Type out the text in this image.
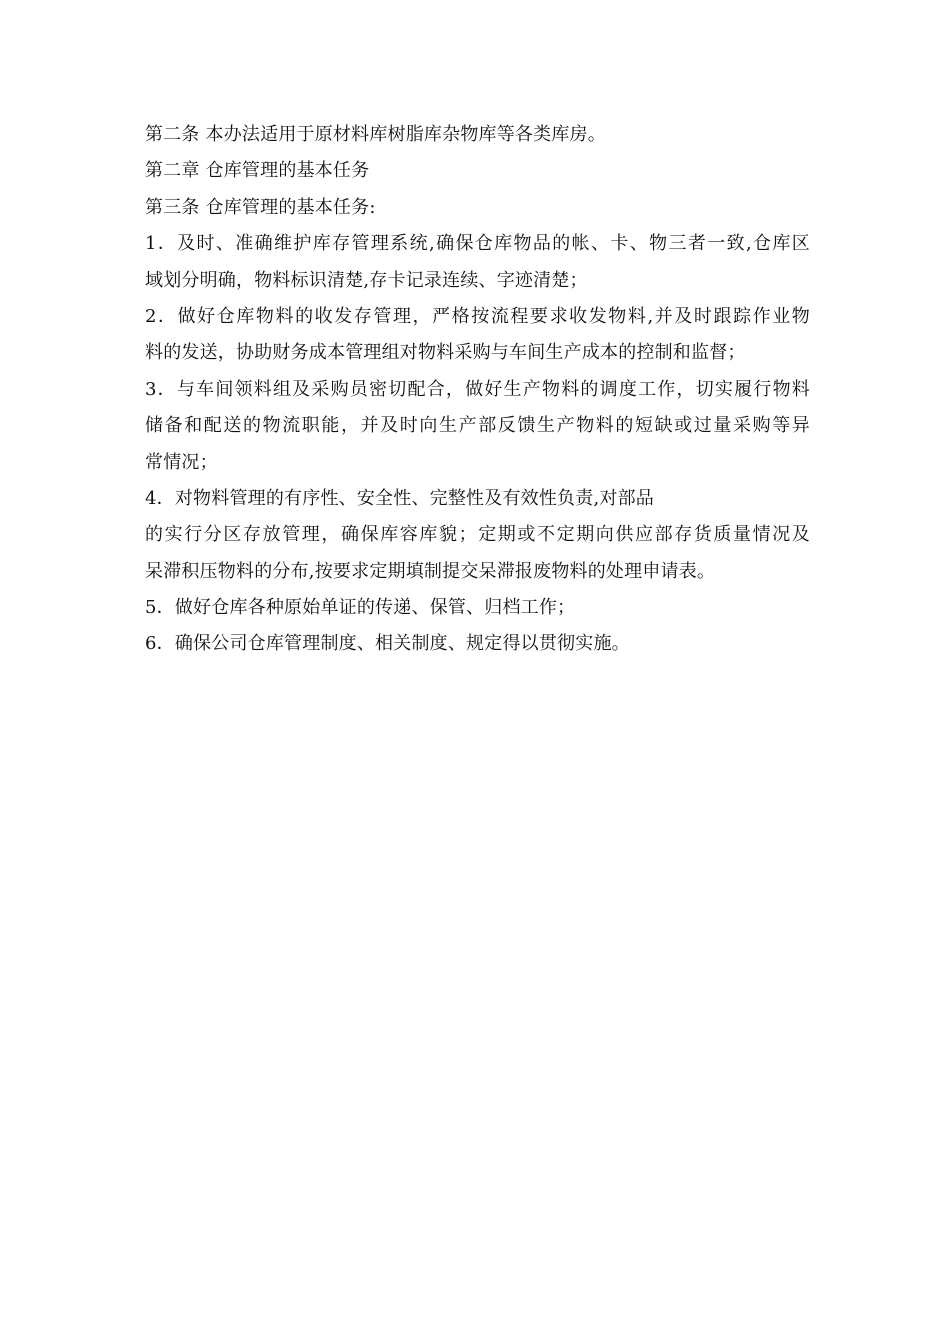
第二条 本办法适用于原材料库树脂库杂物库等各类库房。
第二章 仓库管理的基本任务
第三条 仓库管理的基本任务:
1．及时、准确维护库存管理系统,确保仓库物品的帐、卡、物三者一致,仓库区
域划分明确，物料标识清楚,存卡记录连续、字迹清楚；
2．做好仓库物料的收发存管理，严格按流程要求收发物料,并及时跟踪作业物
料的发送，协助财务成本管理组对物料采购与车间生产成本的控制和监督；
3．与车间领料组及采购员密切配合，做好生产物料的调度工作，切实履行物料
储备和配送的物流职能，并及时向生产部反馈生产物料的短缺或过量采购等异
常情况；
4．对物料管理的有序性、安全性、完整性及有效性负责,对部品
的实行分区存放管理，确保库容库貌；定期或不定期向供应部存货质量情况及
呆滞积压物料的分布,按要求定期填制提交呆滞报废物料的处理申请表。
5．做好仓库各种原始单证的传递、保管、归档工作；
6．确保公司仓库管理制度、相关制度、规定得以贯彻实施。
